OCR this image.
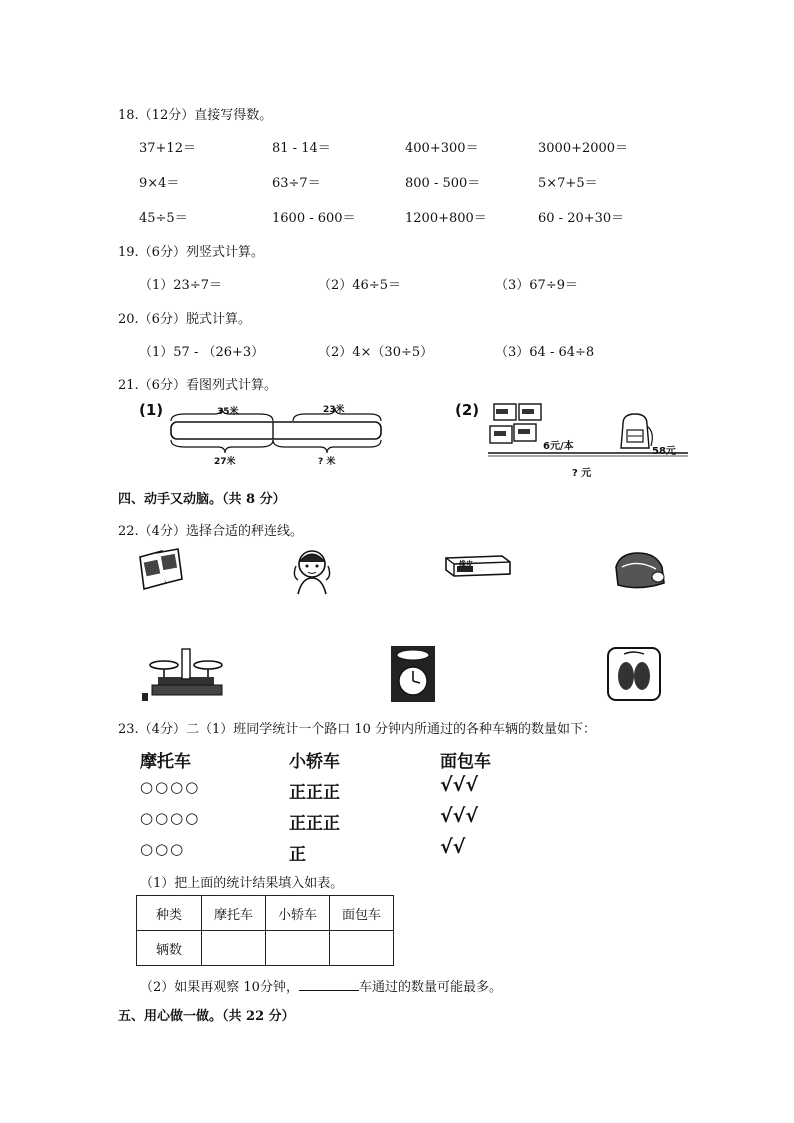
18.（12分）直接写得数。
37+12＝	81 - 14＝	400+300＝	3000+2000＝
9×4＝	63÷7＝	800 - 500＝	5×7+5＝
45÷5＝	1600 - 600＝	1200+800＝	60 - 20+30＝
19.（6分）列竖式计算。
（1）23÷7＝	（2）46÷5＝	（3）67÷9＝
20.（6分）脱式计算。
（1）57 - （26+3）	（2）4×（30÷5）	（3）64 - 64÷8
21.（6分）看图列式计算。
(1)	35米	23米
27米	? 米
(2)
6元/本	58元
? 元
四、动手又动脑。（共 8 分）
22.（4分）选择合适的秤连线。
橡皮
23.（4分）二（1）班同学统计一个路口 10 分钟内所通过的各种车辆的数量如下：
摩托车	小轿车	面包车
○○○○	正正正	√√√
○○○○	正正正	√√√
○○○	正	√√
（1）把上面的统计结果填入如表。
种类	摩托车	小轿车	面包车
辆数			
（2）如果再观察 10分钟，	车通过的数量可能最多。
五、用心做一做。（共 22 分）
